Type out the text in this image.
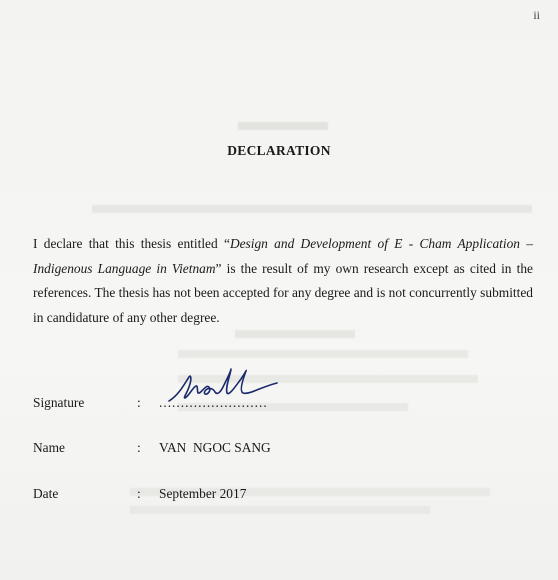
ii
DECLARATION

I declare that this thesis entitled “Design and Development of E - Cham Application – Indigenous Language in Vietnam” is the result of my own research except as cited in the references. The thesis has not been accepted for any degree and is not concurrently submitted in candidature of any other degree.

Signature	:	.........................
Name	:	VAN  NGOC SANG
Date	:	September 2017
